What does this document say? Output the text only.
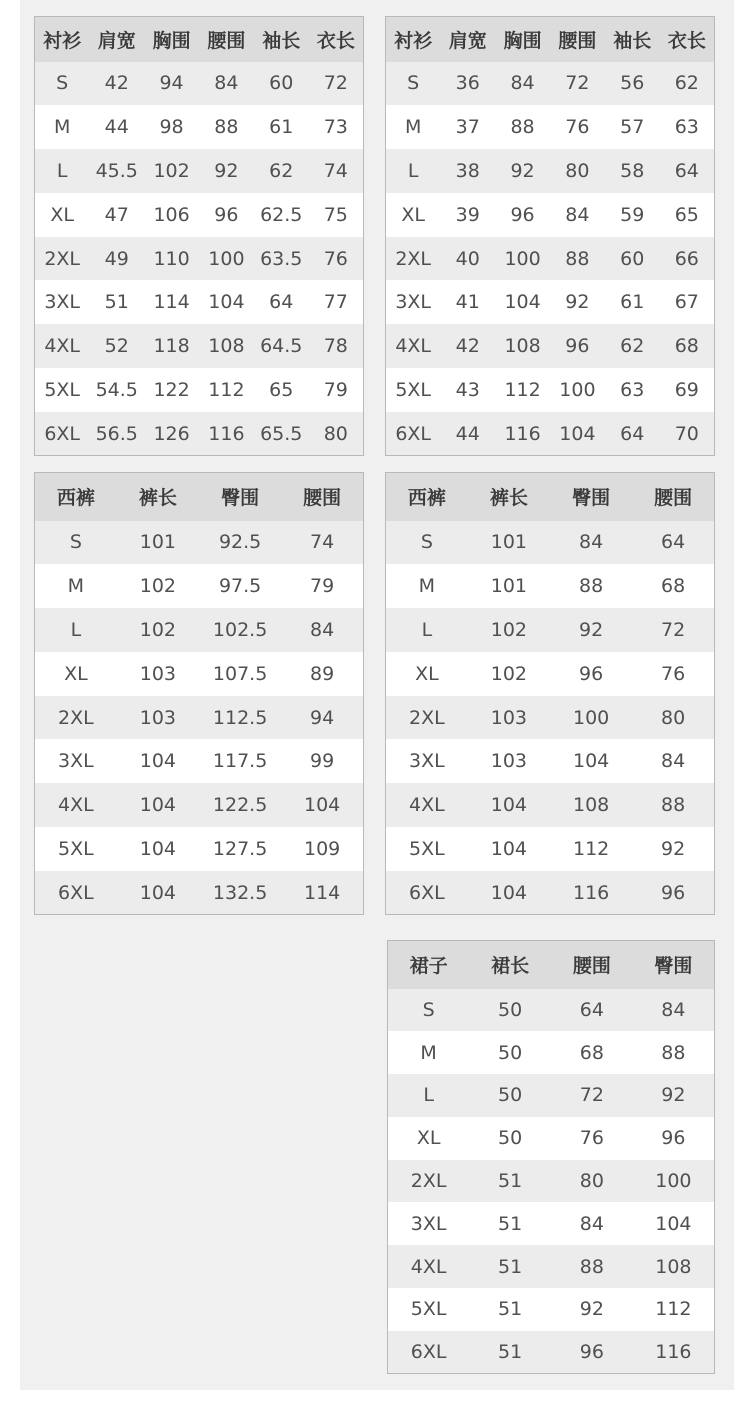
衬衫	肩宽	胸围	腰围	袖长	衣长
S	42	94	84	60	72
M	44	98	88	61	73
L	45.5	102	92	62	74
XL	47	106	96	62.5	75
2XL	49	110	100	63.5	76
3XL	51	114	104	64	77
4XL	52	118	108	64.5	78
5XL	54.5	122	112	65	79
6XL	56.5	126	116	65.5	80
衬衫	肩宽	胸围	腰围	袖长	衣长
S	36	84	72	56	62
M	37	88	76	57	63
L	38	92	80	58	64
XL	39	96	84	59	65
2XL	40	100	88	60	66
3XL	41	104	92	61	67
4XL	42	108	96	62	68
5XL	43	112	100	63	69
6XL	44	116	104	64	70
西裤	裤长	臀围	腰围
S	101	92.5	74
M	102	97.5	79
L	102	102.5	84
XL	103	107.5	89
2XL	103	112.5	94
3XL	104	117.5	99
4XL	104	122.5	104
5XL	104	127.5	109
6XL	104	132.5	114
西裤	裤长	臀围	腰围
S	101	84	64
M	101	88	68
L	102	92	72
XL	102	96	76
2XL	103	100	80
3XL	103	104	84
4XL	104	108	88
5XL	104	112	92
6XL	104	116	96
裙子	裙长	腰围	臀围
S	50	64	84
M	50	68	88
L	50	72	92
XL	50	76	96
2XL	51	80	100
3XL	51	84	104
4XL	51	88	108
5XL	51	92	112
6XL	51	96	116
